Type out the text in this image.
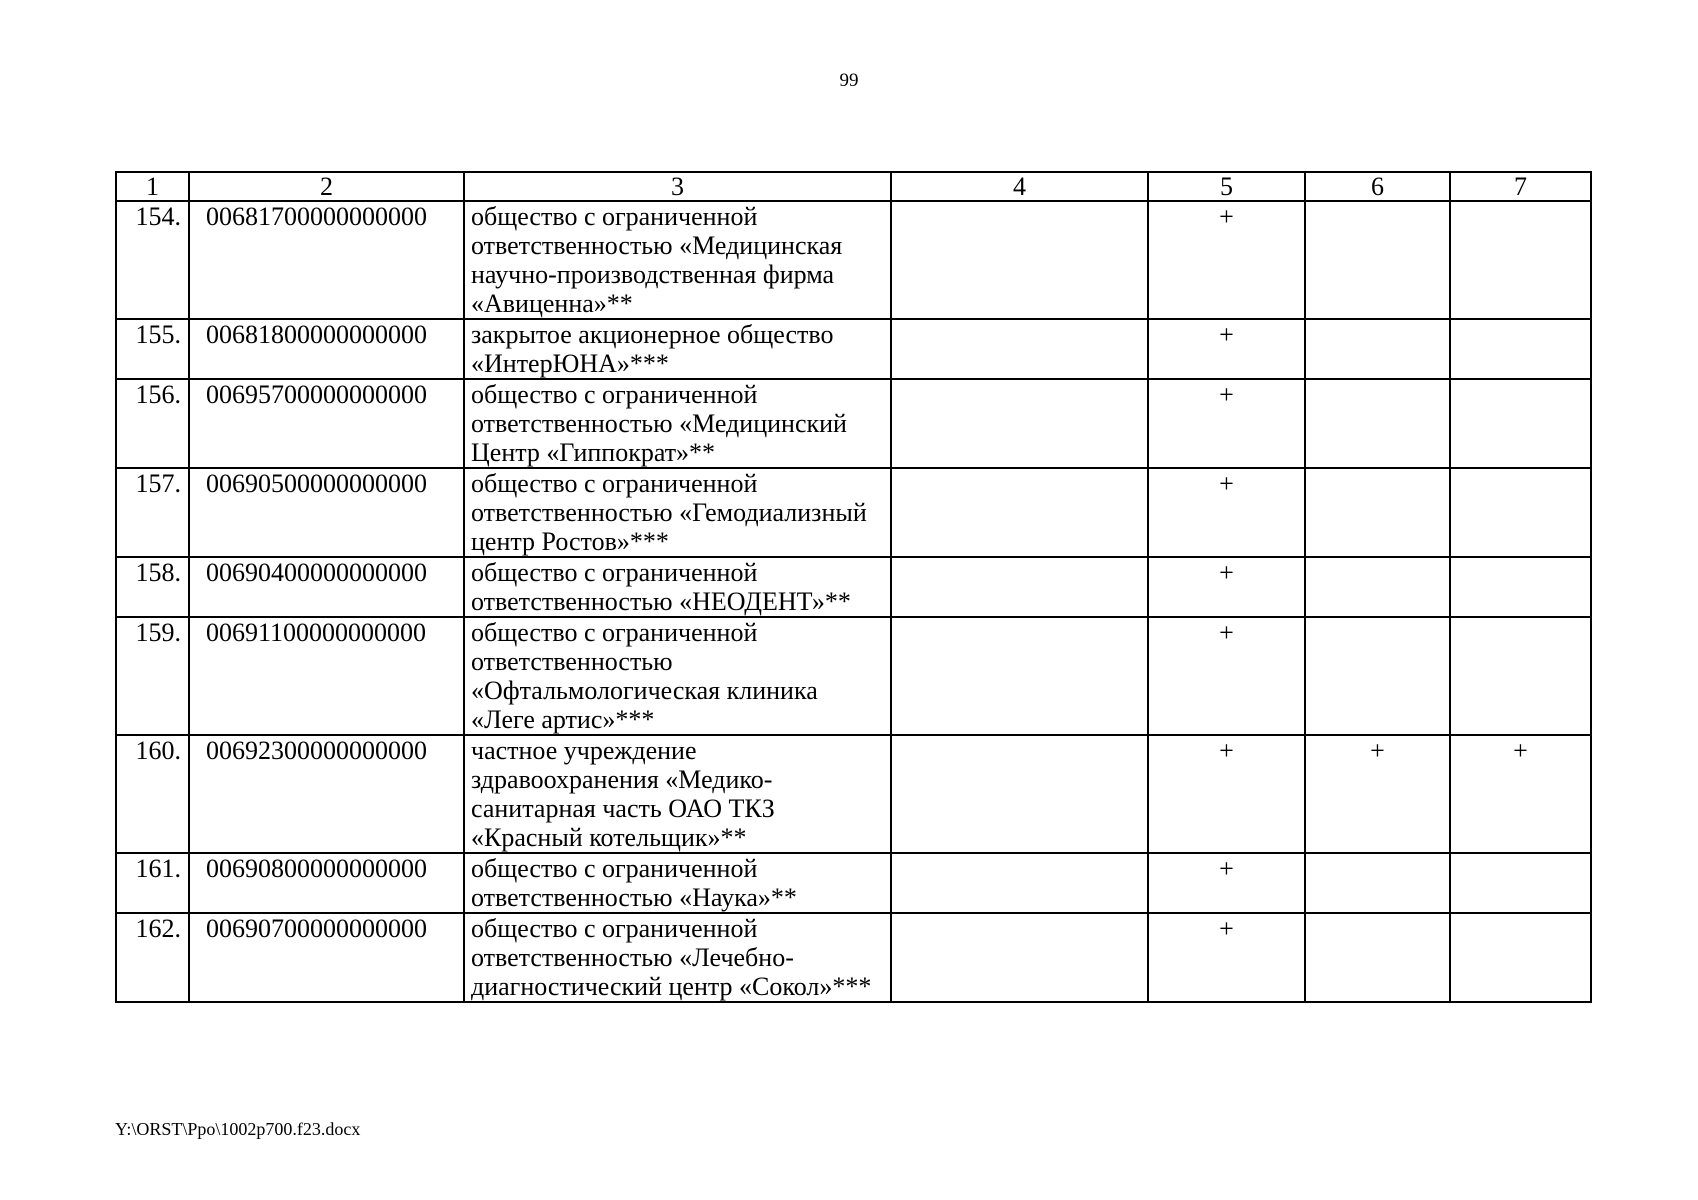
99
1	2	3	4	5	6	7
154.	00681700000000000	общество с ограниченной ответственностью «Медицинская научно-производственная фирма «Авиценна»**		+		
155.	00681800000000000	закрытое акционерное общество «ИнтерЮНА»***		+		
156.	00695700000000000	общество с ограниченной ответственностью «Медицинский Центр «Гиппократ»**		+		
157.	00690500000000000	общество с ограниченной ответственностью «Гемодиализный центр Ростов»***		+		
158.	00690400000000000	общество с ограниченной ответственностью «НЕОДЕНТ»**		+		
159.	00691100000000000	общество с ограниченной ответственностью «Офтальмологическая клиника «Леге артис»***		+		
160.	00692300000000000	частное учреждение здравоохранения «Медико-санитарная часть ОАО ТКЗ «Красный котельщик»**		+	+	+
161.	00690800000000000	общество с ограниченной ответственностью «Наука»**		+		
162.	00690700000000000	общество с ограниченной ответственностью «Лечебно-диагностический центр «Сокол»***		+		
Y:\ORST\Ppo\1002p700.f23.docx
